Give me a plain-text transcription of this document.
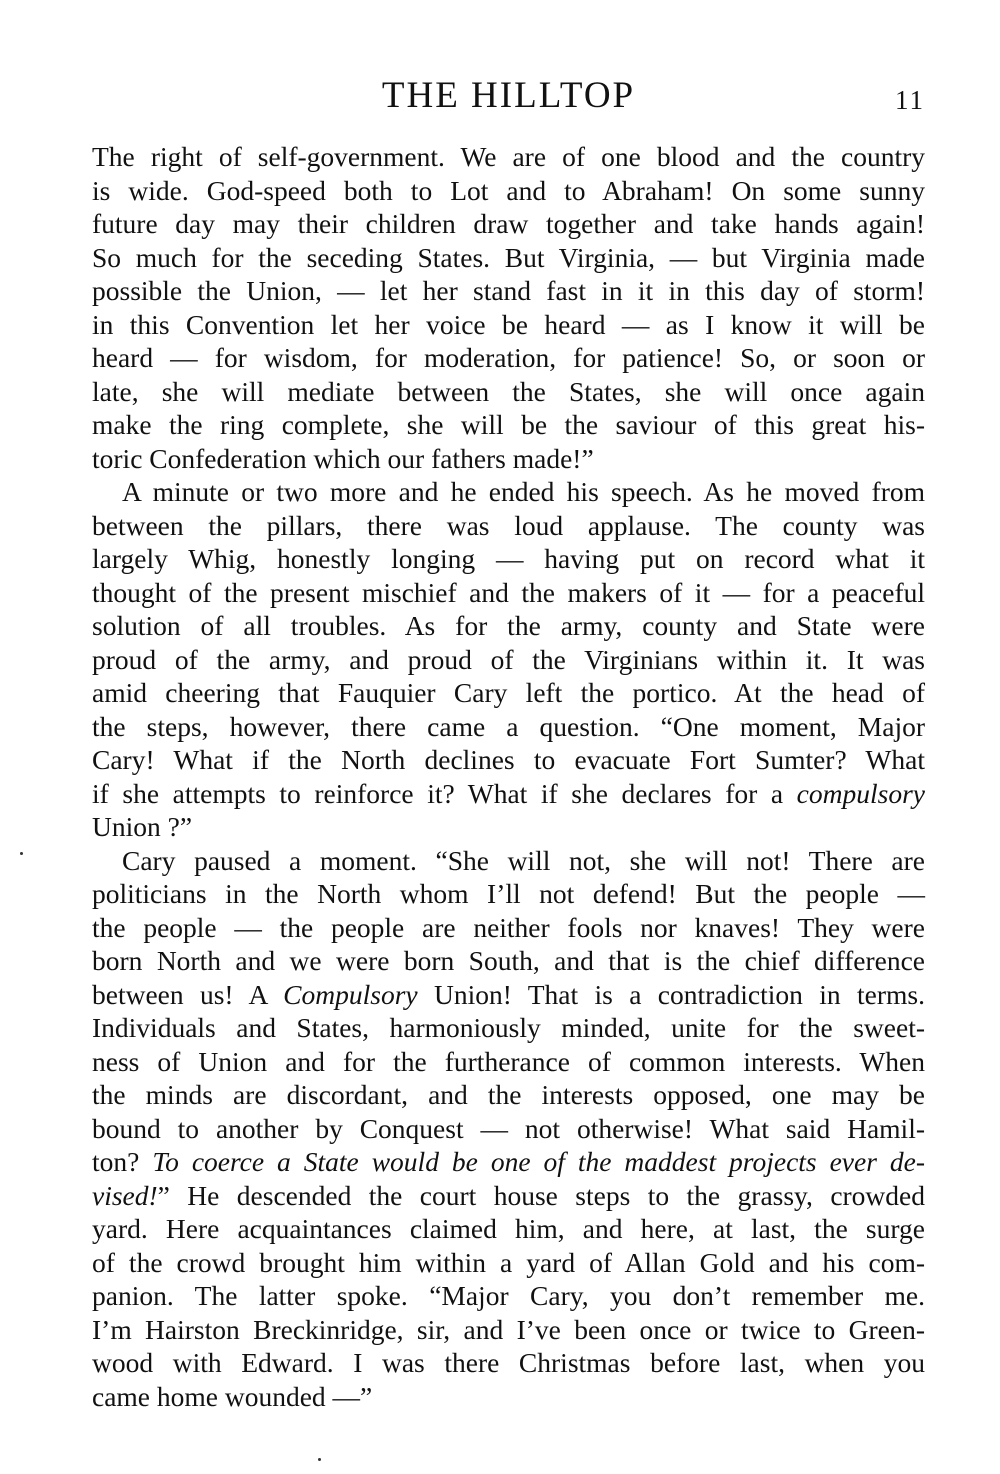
THE HILLTOP	11
The right of self-government. We are of one blood and the country
is wide. God-speed both to Lot and to Abraham! On some sunny
future day may their children draw together and take hands again!
So much for the seceding States. But Virginia, — but Virginia made
possible the Union, — let her stand fast in it in this day of storm!
in this Convention let her voice be heard — as I know it will be
heard — for wisdom, for moderation, for patience! So, or soon or
late, she will mediate between the States, she will once again
make the ring complete, she will be the saviour of this great his-
toric Confederation which our fathers made!”
A minute or two more and he ended his speech. As he moved from
between the pillars, there was loud applause. The county was
largely Whig, honestly longing — having put on record what it
thought of the present mischief and the makers of it — for a peaceful
solution of all troubles. As for the army, county and State were
proud of the army, and proud of the Virginians within it. It was
amid cheering that Fauquier Cary left the portico. At the head of
the steps, however, there came a question. “One moment, Major
Cary! What if the North declines to evacuate Fort Sumter? What
if she attempts to reinforce it? What if she declares for a compulsory
Union ?”
Cary paused a moment. “She will not, she will not! There are
politicians in the North whom I’ll not defend! But the people —
the people — the people are neither fools nor knaves! They were
born North and we were born South, and that is the chief difference
between us! A Compulsory Union! That is a contradiction in terms.
Individuals and States, harmoniously minded, unite for the sweet-
ness of Union and for the furtherance of common interests. When
the minds are discordant, and the interests opposed, one may be
bound to another by Conquest — not otherwise! What said Hamil-
ton? To coerce a State would be one of the maddest projects ever de-
vised!” He descended the court house steps to the grassy, crowded
yard. Here acquaintances claimed him, and here, at last, the surge
of the crowd brought him within a yard of Allan Gold and his com-
panion. The latter spoke. “Major Cary, you don’t remember me.
I’m Hairston Breckinridge, sir, and I’ve been once or twice to Green-
wood with Edward. I was there Christmas before last, when you
came home wounded —”
